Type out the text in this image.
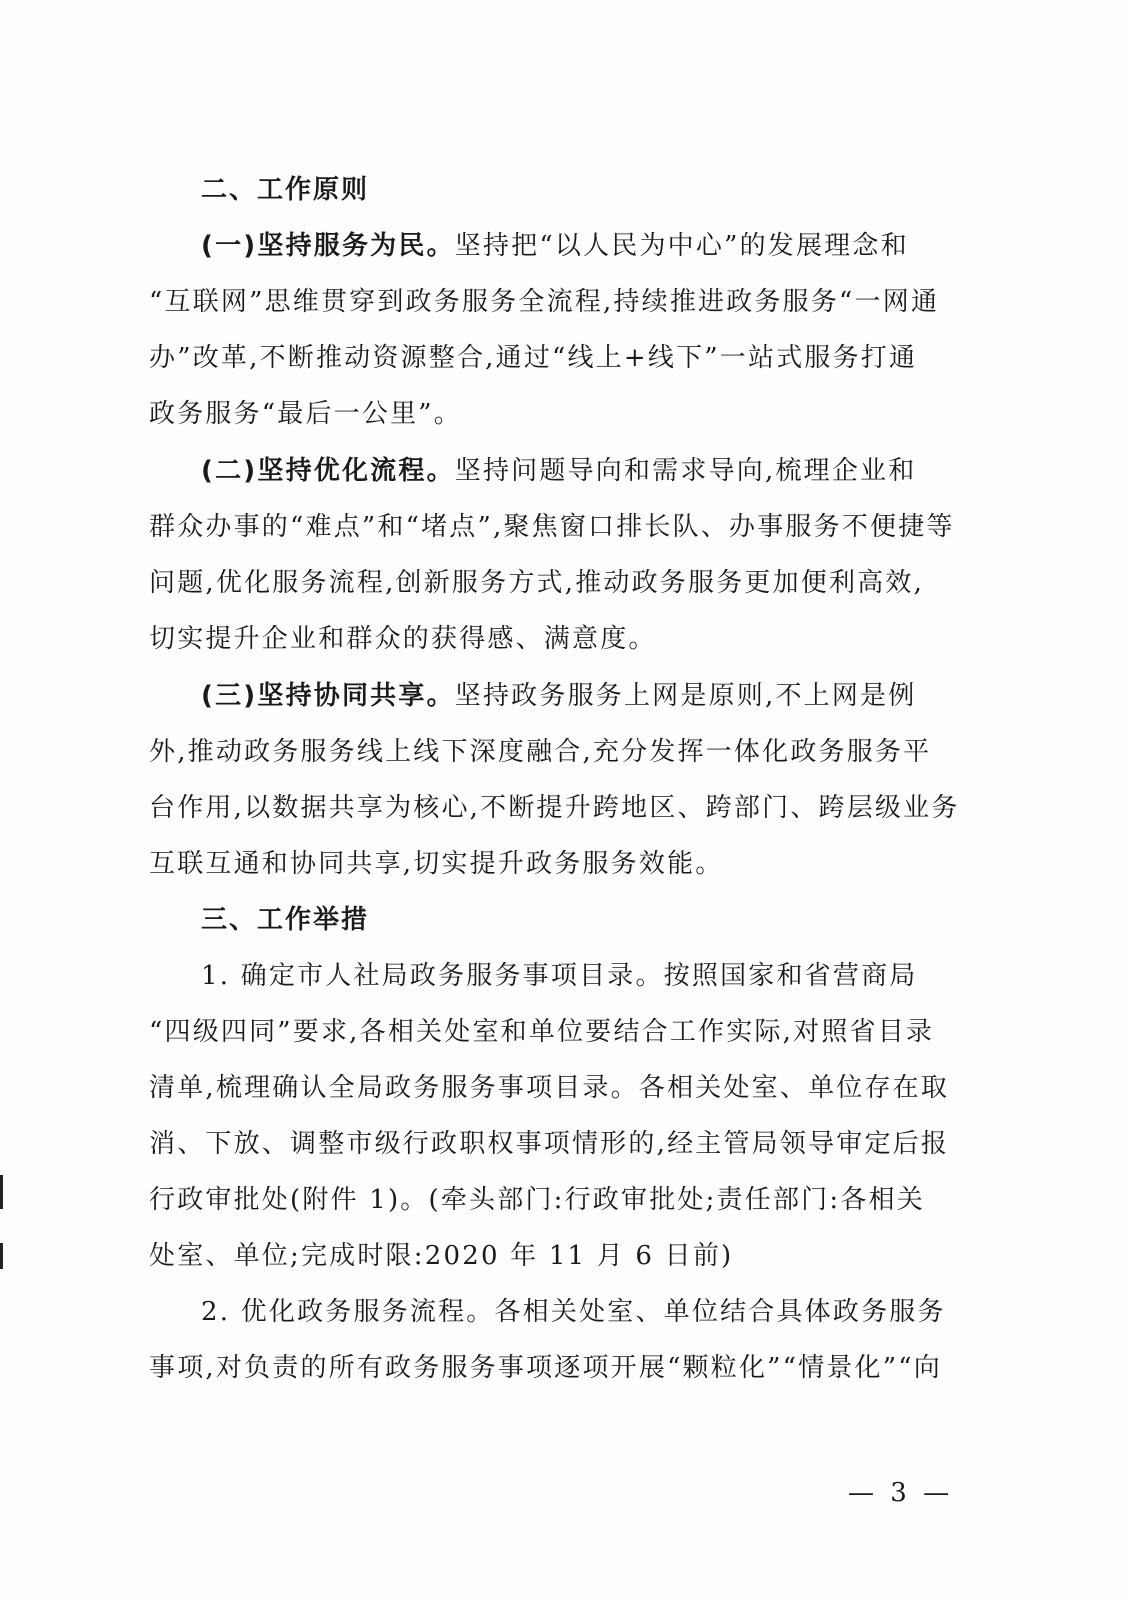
二、工作原则
(一)坚持服务为民。坚持把“以人民为中心”的发展理念和
“互联网”思维贯穿到政务服务全流程,持续推进政务服务“一网通
办”改革,不断推动资源整合,通过“线上+线下”一站式服务打通
政务服务“最后一公里”。
(二)坚持优化流程。坚持问题导向和需求导向,梳理企业和
群众办事的“难点”和“堵点”,聚焦窗口排长队、办事服务不便捷等
问题,优化服务流程,创新服务方式,推动政务服务更加便利高效,
切实提升企业和群众的获得感、满意度。
(三)坚持协同共享。坚持政务服务上网是原则,不上网是例
外,推动政务服务线上线下深度融合,充分发挥一体化政务服务平
台作用,以数据共享为核心,不断提升跨地区、跨部门、跨层级业务
互联互通和协同共享,切实提升政务服务效能。
三、工作举措
1. 确定市人社局政务服务事项目录。按照国家和省营商局
“四级四同”要求,各相关处室和单位要结合工作实际,对照省目录
清单,梳理确认全局政务服务事项目录。各相关处室、单位存在取
消、下放、调整市级行政职权事项情形的,经主管局领导审定后报
行政审批处(附件 1)。(牵头部门:行政审批处;责任部门:各相关
处室、单位;完成时限:2020 年 11 月 6 日前)
2. 优化政务服务流程。各相关处室、单位结合具体政务服务
事项,对负责的所有政务服务事项逐项开展“颗粒化”“情景化”“向
— 3 —
